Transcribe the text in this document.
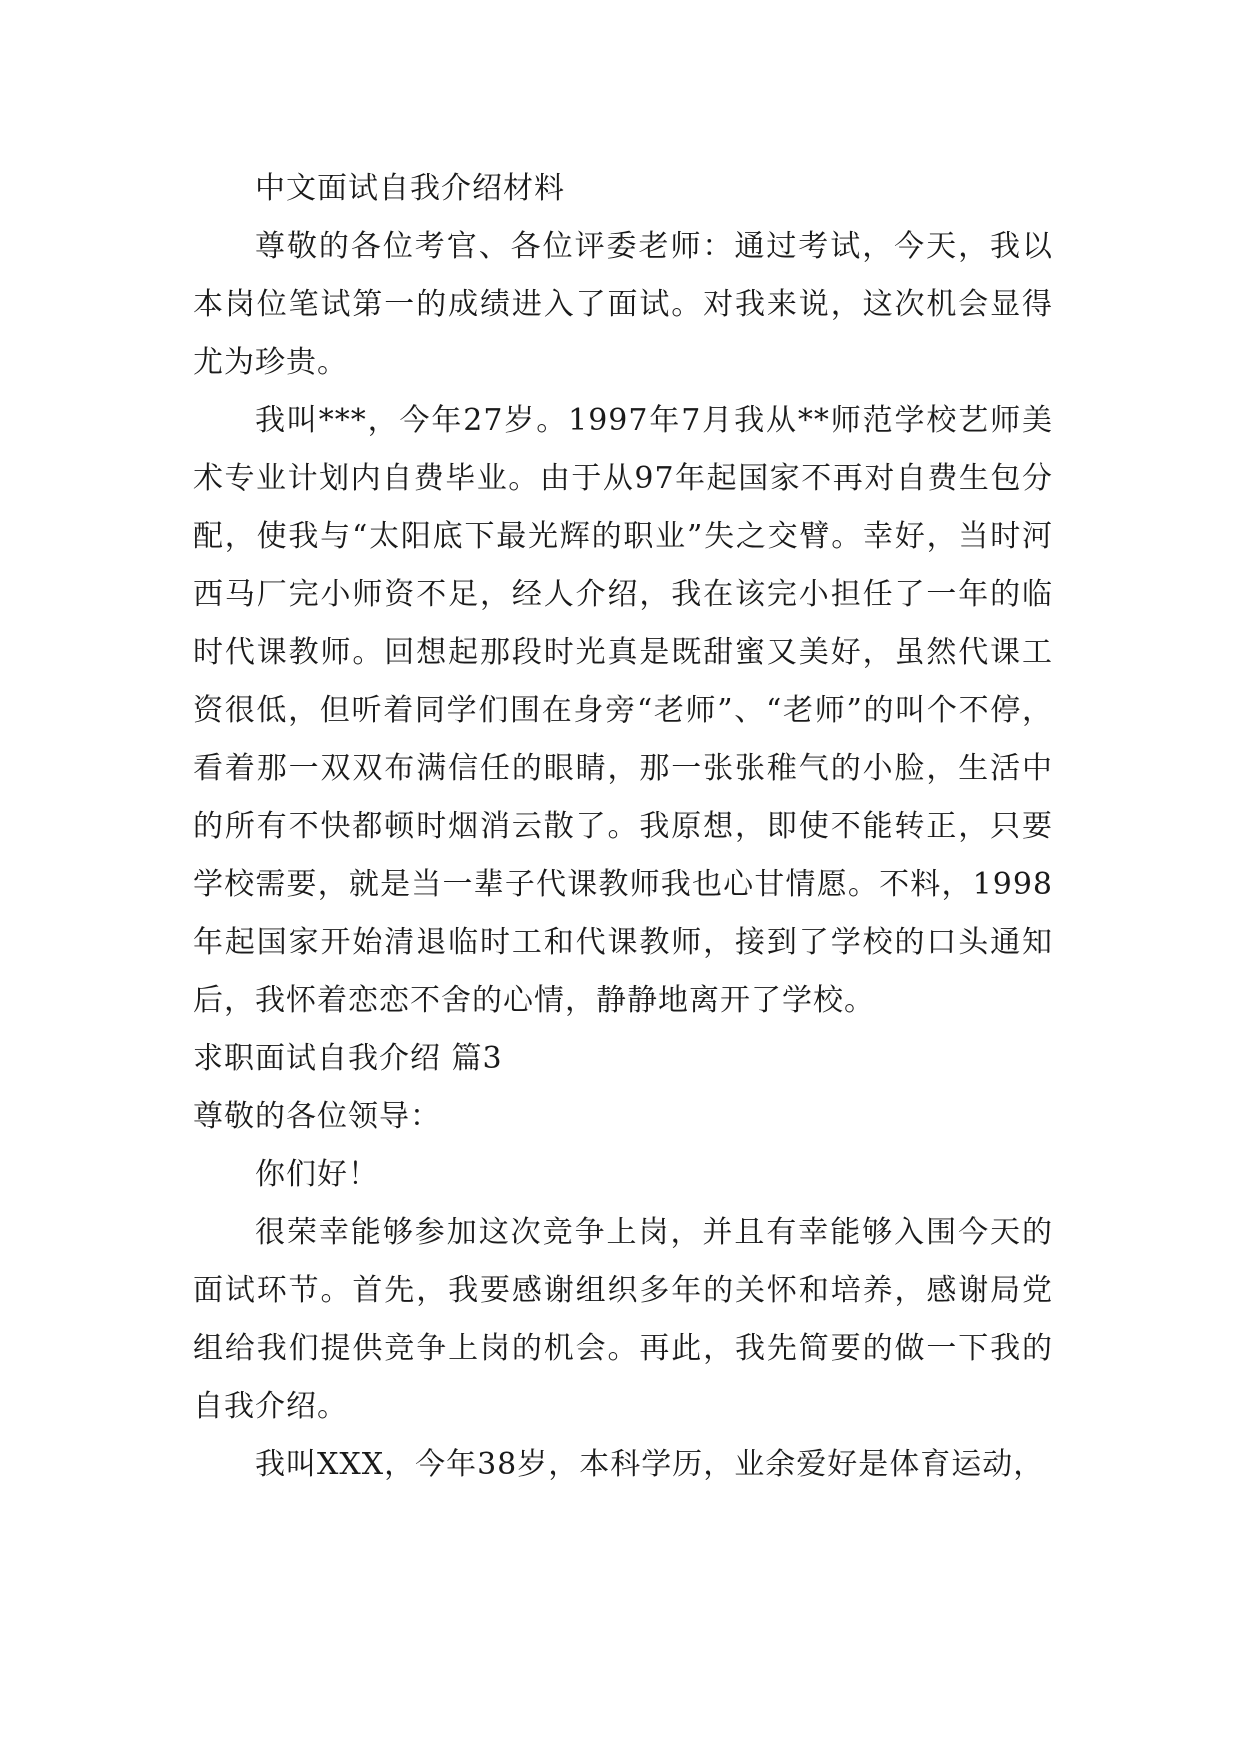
中文面试自我介绍材料

尊敬的各位考官、各位评委老师：通过考试，今天，我以本岗位笔试第一的成绩进入了面试。对我来说，这次机会显得尤为珍贵。

我叫***，今年27岁。1997年7月我从**师范学校艺师美术专业计划内自费毕业。由于从97年起国家不再对自费生包分配，使我与“太阳底下最光辉的职业”失之交臂。幸好，当时河西马厂完小师资不足，经人介绍，我在该完小担任了一年的临时代课教师。回想起那段时光真是既甜蜜又美好，虽然代课工资很低，但听着同学们围在身旁“老师”、“老师”的叫个不停，看着那一双双布满信任的眼睛，那一张张稚气的小脸，生活中的所有不快都顿时烟消云散了。我原想，即使不能转正，只要学校需要，就是当一辈子代课教师我也心甘情愿。不料，1998年起国家开始清退临时工和代课教师，接到了学校的口头通知后，我怀着恋恋不舍的心情，静静地离开了学校。

求职面试自我介绍 篇3

尊敬的各位领导：

你们好！

很荣幸能够参加这次竞争上岗，并且有幸能够入围今天的面试环节。首先，我要感谢组织多年的关怀和培养，感谢局党组给我们提供竞争上岗的机会。再此，我先简要的做一下我的自我介绍。

我叫XXX，今年38岁，本科学历，业余爱好是体育运动，
